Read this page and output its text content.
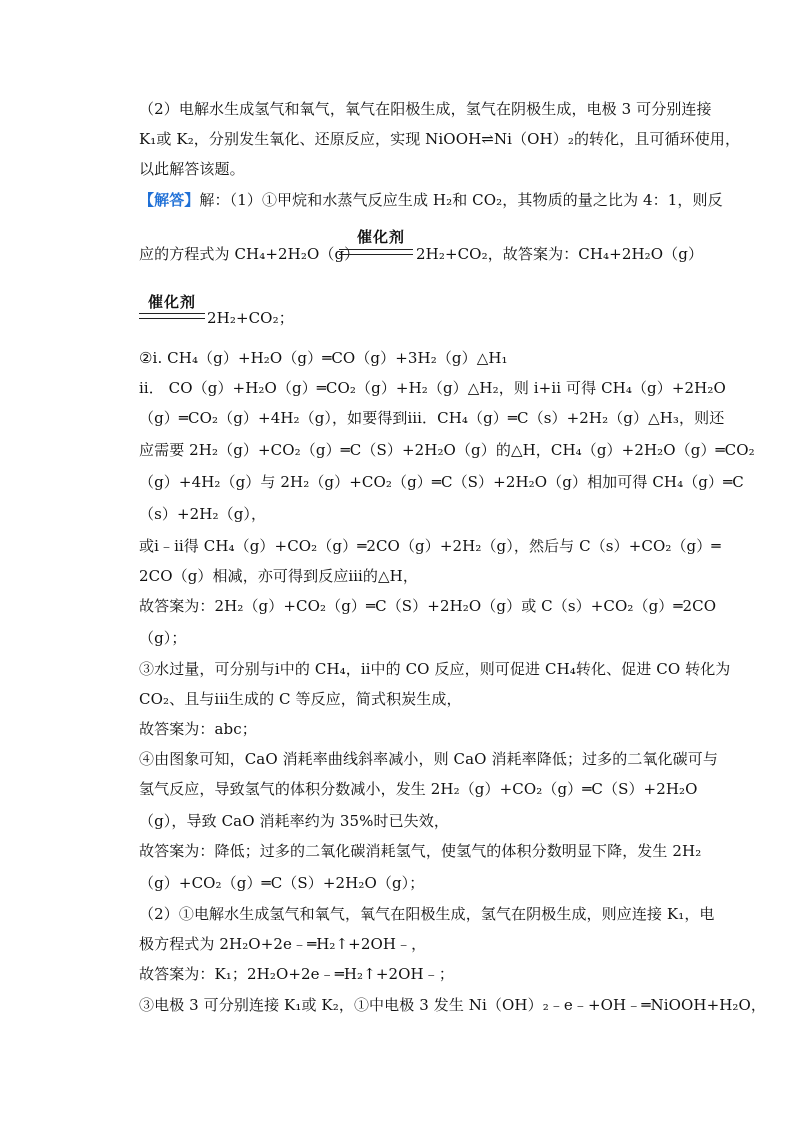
（2）电解水生成氢气和氧气，氧气在阳极生成，氢气在阴极生成，电极 3 可分别连接
K₁或 K₂，分别发生氧化、还原反应，实现 NiOOH⇌Ni（OH）₂的转化，且可循环使用，
以此解答该题。
【解答】解：（1）①甲烷和水蒸气反应生成 H₂和 CO₂，其物质的量之比为 4：1，则反
应的方程式为 CH₄+2H₂O（g）
催化剂
2H₂+CO₂，故答案为：CH₄+2H₂O（g）
催化剂
2H₂+CO₂；
②ⅰ. CH₄（g）+H₂O（g）═CO（g）+3H₂（g）△H₁
ⅱ． CO（g）+H₂O（g）═CO₂（g）+H₂（g）△H₂，则 i+ii 可得 CH₄（g）+2H₂O
（g）═CO₂（g）+4H₂（g），如要得到ⅲ．CH₄（g）═C（s）+2H₂（g）△H₃，则还
应需要 2H₂（g）+CO₂（g）═C（S）+2H₂O（g）的△H，CH₄（g）+2H₂O（g）═CO₂
（g）+4H₂（g）与 2H₂（g）+CO₂（g）═C（S）+2H₂O（g）相加可得 CH₄（g）═C
（s）+2H₂（g），
或ⅰ﹣ⅱ得 CH₄（g）+CO₂（g）═2CO（g）+2H₂（g），然后与 C（s）+CO₂（g）═
2CO（g）相减，亦可得到反应ⅲ的△H，
故答案为：2H₂（g）+CO₂（g）═C（S）+2H₂O（g）或 C（s）+CO₂（g）═2CO
（g）；
③水过量，可分别与ⅰ中的 CH₄，ⅱ中的 CO 反应，则可促进 CH₄转化、促进 CO 转化为
CO₂、且与ⅲ生成的 C 等反应，简式积炭生成，
故答案为：abc；
④由图象可知，CaO 消耗率曲线斜率减小，则 CaO 消耗率降低；过多的二氧化碳可与
氢气反应，导致氢气的体积分数减小，发生 2H₂（g）+CO₂（g）═C（S）+2H₂O
（g），导致 CaO 消耗率约为 35%时已失效，
故答案为：降低；过多的二氧化碳消耗氢气，使氢气的体积分数明显下降，发生 2H₂
（g）+CO₂（g）═C（S）+2H₂O（g）；
（2）①电解水生成氢气和氧气，氧气在阳极生成，氢气在阴极生成，则应连接 K₁，电
极方程式为 2H₂O+2e﹣═H₂↑+2OH﹣，
故答案为：K₁；2H₂O+2e﹣═H₂↑+2OH﹣；
③电极 3 可分别连接 K₁或 K₂，①中电极 3 发生 Ni（OH）₂﹣e﹣+OH﹣═NiOOH+H₂O，
